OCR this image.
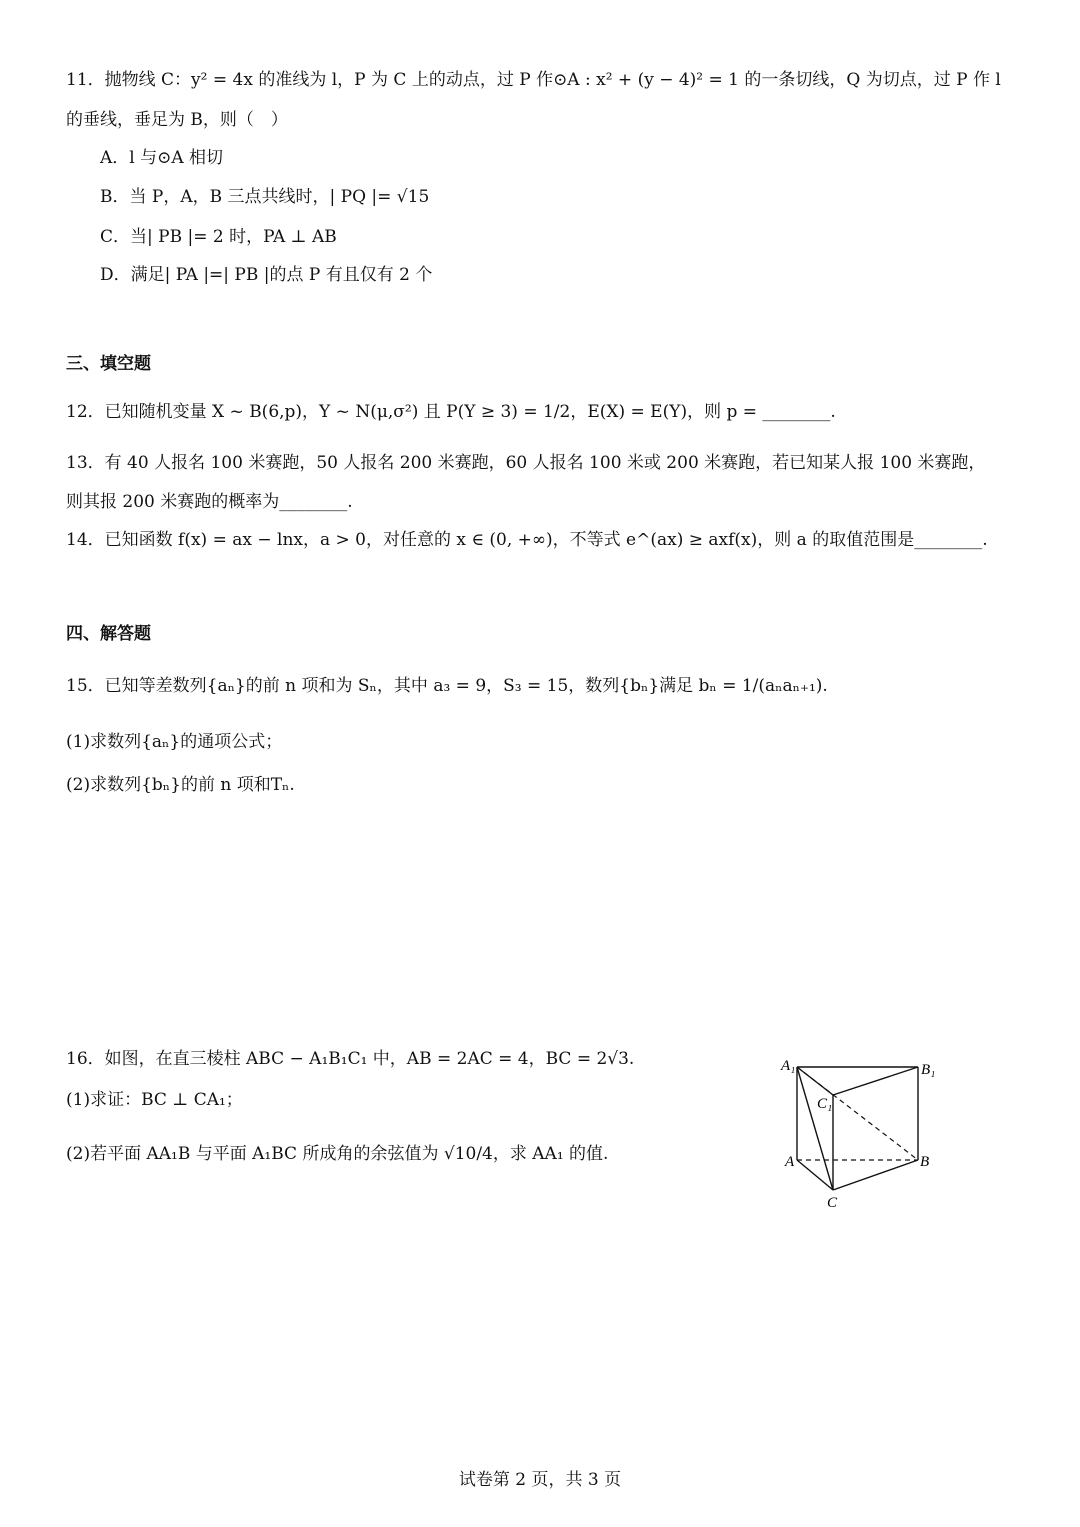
11．抛物线 C：y² = 4x 的准线为 l，P 为 C 上的动点，过 P 作⊙A : x² + (y − 4)² = 1 的一条切线，Q 为切点，过 P 作 l
的垂线，垂足为 B，则（　）
A．l 与⊙A 相切
B．当 P，A，B 三点共线时，| PQ |= √15
C．当| PB |= 2 时，PA ⊥ AB
D．满足| PA |=| PB |的点 P 有且仅有 2 个
三、填空题
12．已知随机变量 X ~ B(6,p)，Y ~ N(μ,σ²) 且 P(Y ≥ 3) = 1/2，E(X) = E(Y)，则 p = ________.
13．有 40 人报名 100 米赛跑，50 人报名 200 米赛跑，60 人报名 100 米或 200 米赛跑，若已知某人报 100 米赛跑，
则其报 200 米赛跑的概率为________.
14．已知函数 f(x) = ax − lnx，a > 0，对任意的 x ∈ (0, +∞)，不等式 e^(ax) ≥ axf(x)，则 a 的取值范围是________.
四、解答题
15．已知等差数列{aₙ}的前 n 项和为 Sₙ，其中 a₃ = 9，S₃ = 15，数列{bₙ}满足 bₙ = 1/(aₙaₙ₊₁).
(1)求数列{aₙ}的通项公式；
(2)求数列{bₙ}的前 n 项和Tₙ.
16．如图，在直三棱柱 ABC − A₁B₁C₁ 中，AB = 2AC = 4，BC = 2√3.
(1)求证：BC ⊥ CA₁；
(2)若平面 AA₁B 与平面 A₁BC 所成角的余弦值为 √10/4，求 AA₁ 的值.
A₁	B₁
C₁
A	B
C
试卷第 2 页，共 3 页
